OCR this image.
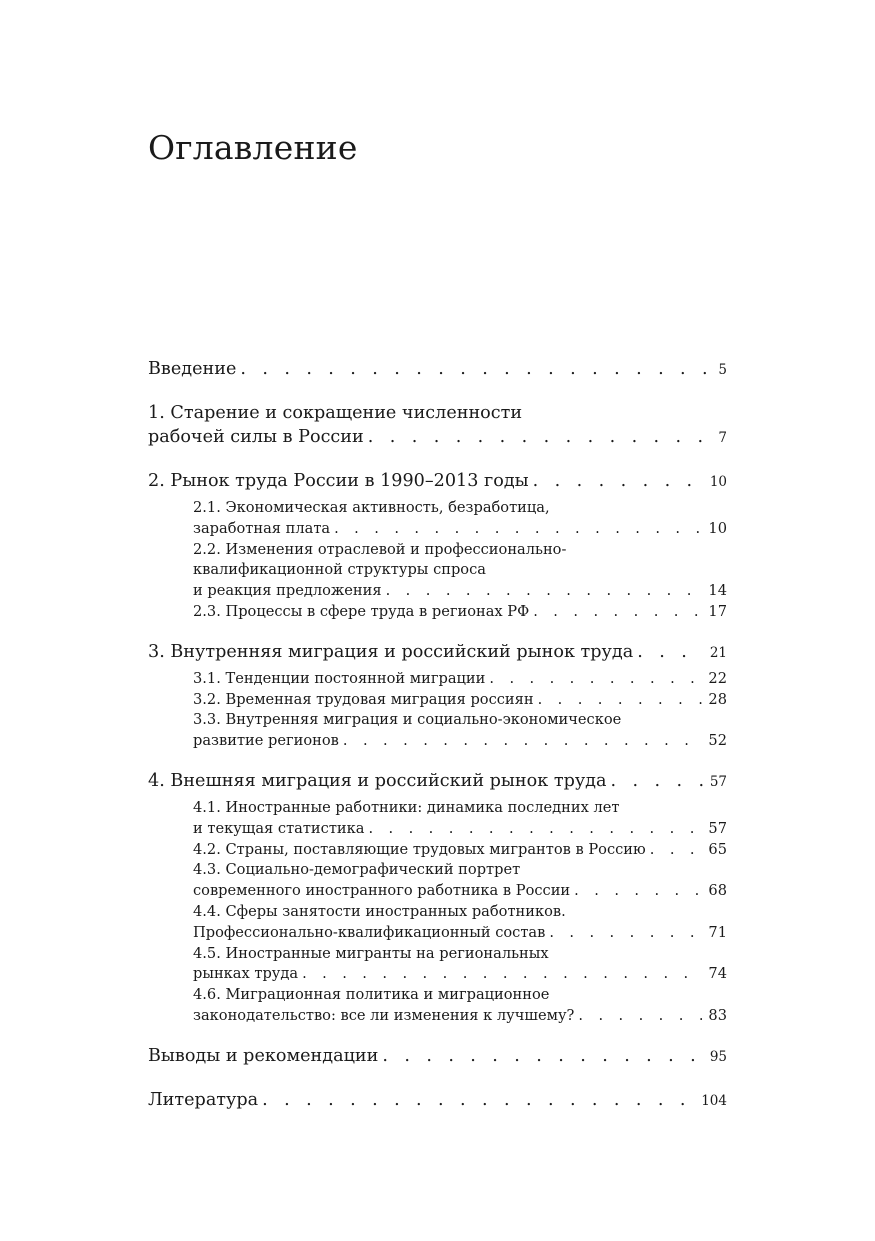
Оглавление
Введение . . .	5
1. Старение и сокращение численности
рабочей силы в России . . .	7
2. Рынок труда России в 1990–2013 годы . . .	10
2.1. Экономическая активность, безработица,
заработная плата . . .	10
2.2. Изменения отраслевой и профессионально-
квалификационной структуры спроса
и реакция предложения . . .	14
2.3. Процессы в сфере труда в регионах РФ . . .	17
3. Внутренняя миграция и российский рынок труда . . .	21
3.1. Тенденции постоянной миграции . . .	22
3.2. Временная трудовая миграция россиян . . .	28
3.3. Внутренняя миграция и социально-экономическое
развитие регионов . . .	52
4. Внешняя миграция и российский рынок труда . . .	57
4.1. Иностранные работники: динамика последних лет
и текущая статистика . . .	57
4.2. Страны, поставляющие трудовых мигрантов в Россию . . .	65
4.3. Социально-демографический портрет
современного иностранного работника в России . . .	68
4.4. Сферы занятости иностранных работников.
Профессионально-квалификационный состав . . .	71
4.5. Иностранные мигранты на региональных
рынках труда . . .	74
4.6. Миграционная политика и миграционное
законодательство: все ли изменения к лучшему? . . .	83
Выводы и рекомендации . . .	95
Литература . . .	104
